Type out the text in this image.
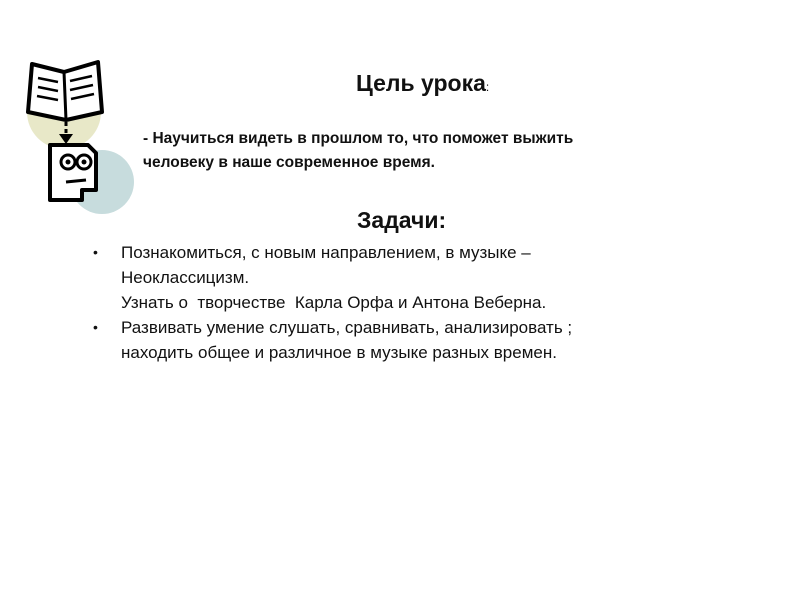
Цель урока:
- Научиться видеть в прошлом то, что поможет выжить
человеку в наше современное время.
Задачи:
• Познакомиться, с новым направлением, в музыке –
Неоклассицизм.
Узнать о  творчестве  Карла Орфа и Антона Веберна.
• Развивать умение слушать, сравнивать, анализировать ;
находить общее и различное в музыке разных времен.
